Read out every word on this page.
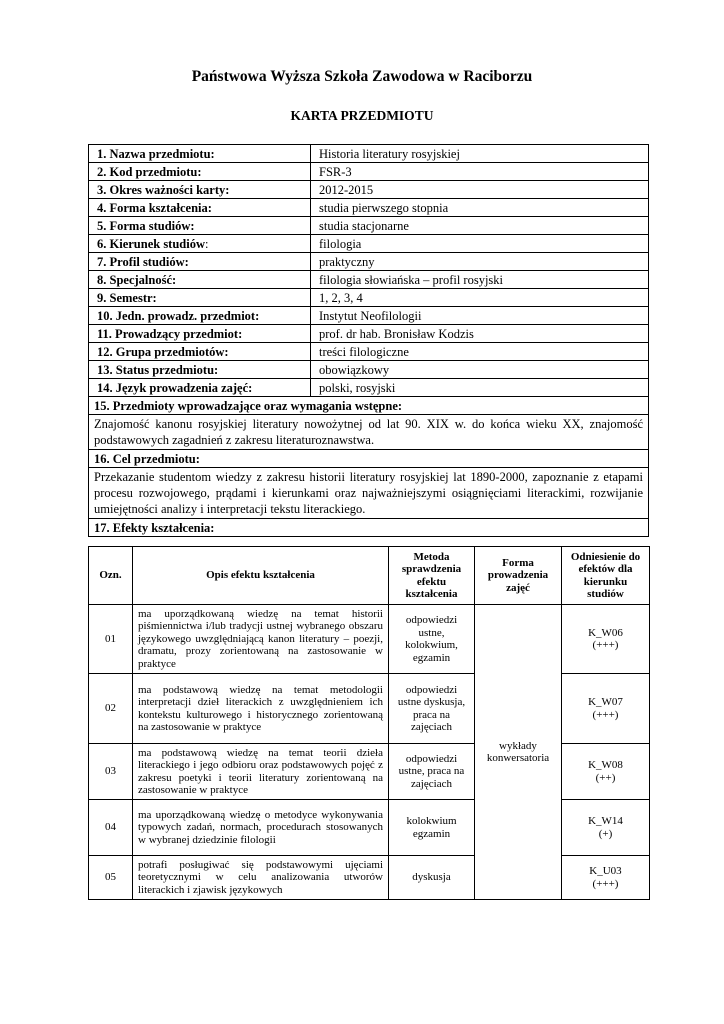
Państwowa Wyższa Szkoła Zawodowa w Raciborzu
KARTA PRZEDMIOTU
1. Nazwa przedmiotu:	Historia literatury rosyjskiej
2. Kod przedmiotu:	FSR-3
3. Okres ważności karty:	2012-2015
4. Forma kształcenia:	studia pierwszego stopnia
5. Forma studiów:	studia stacjonarne
6. Kierunek studiów:	filologia
7. Profil studiów:	praktyczny
8. Specjalność:	filologia słowiańska – profil rosyjski
9. Semestr:	1, 2, 3, 4
10. Jedn. prowadz. przedmiot:	Instytut Neofilologii
11. Prowadzący przedmiot:	prof. dr hab. Bronisław Kodzis
12. Grupa przedmiotów:	treści filologiczne
13. Status przedmiotu:	obowiązkowy
14. Język prowadzenia zajęć:	polski, rosyjski
15. Przedmioty wprowadzające oraz wymagania wstępne:	
Znajomość kanonu rosyjskiej literatury nowożytnej od lat 90. XIX w. do końca wieku XX, znajomość podstawowych zagadnień z zakresu literaturoznawstwa.	
16. Cel przedmiotu:	
Przekazanie studentom wiedzy z zakresu historii literatury rosyjskiej lat 1890-2000, zapoznanie z etapami procesu rozwojowego, prądami i kierunkami oraz najważniejszymi osiągnięciami literackimi, rozwijanie umiejętności analizy i interpretacji tekstu literackiego.	
17. Efekty kształcenia:	
Ozn.	Opis efektu kształcenia	Metoda sprawdzenia efektu kształcenia	Forma prowadzenia zajęć	Odniesienie do efektów dla kierunku studiów
01	ma uporządkowaną wiedzę na temat historii piśmiennictwa i/lub tradycji ustnej wybranego obszaru językowego uwzględniającą kanon literatury – poezji, dramatu, prozy zorientowaną na zastosowanie w praktyce	odpowiedzi ustne, kolokwium, egzamin	wykłady konwersatoria	K_W06
(+++)

02	ma podstawową wiedzę na temat metodologii interpretacji dzieł literackich z uwzględnieniem ich kontekstu kulturowego i historycznego zorientowaną na zastosowanie w praktyce	odpowiedzi ustne dyskusja, praca na zajęciach		K_W07
(+++)

03	ma podstawową wiedzę na temat teorii dzieła literackiego i jego odbioru oraz podstawowych pojęć z zakresu poetyki i teorii literatury zorientowaną na zastosowanie w praktyce	odpowiedzi ustne, praca na zajęciach		K_W08
(++)

04	ma uporządkowaną wiedzę o metodyce wykonywania typowych zadań, normach, procedurach stosowanych w wybranej dziedzinie filologii	kolokwium egzamin		K_W14
(+)

05	potrafi posługiwać się podstawowymi ujęciami teoretycznymi w celu analizowania utworów literackich i zjawisk językowych	dyskusja		K_U03
(+++)
